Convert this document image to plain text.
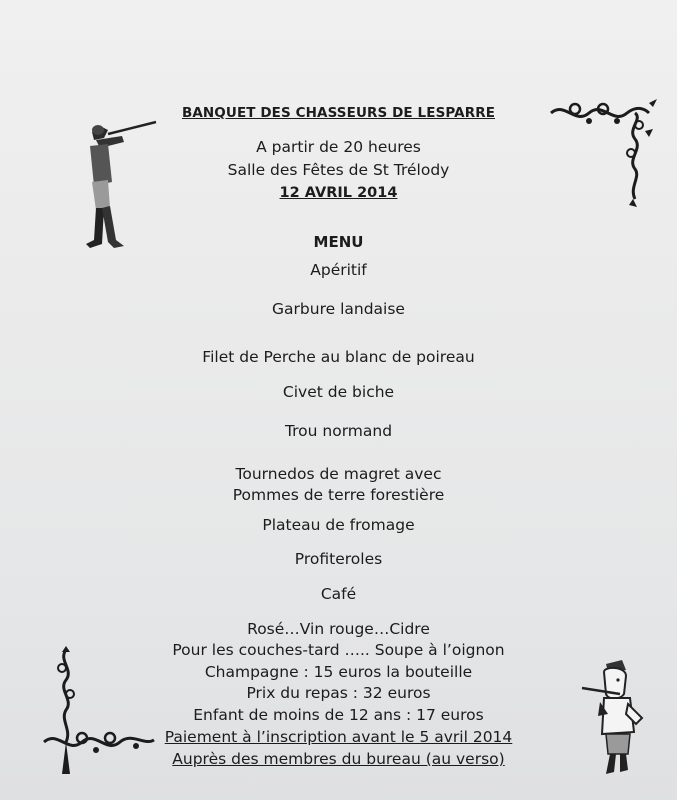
BANQUET DES CHASSEURS DE LESPARRE
A partir de 20 heures
Salle des Fêtes de St Trélody
12 AVRIL 2014
MENU
Apéritif
Garbure landaise
Filet de Perche au blanc de poireau
Civet de biche
Trou normand
Tournedos de magret avec
Pommes de terre forestière
Plateau de fromage
Profiteroles
Café
Rosé…Vin rouge…Cidre
Pour les couches-tard ….. Soupe à l’oignon
Champagne : 15 euros la bouteille
Prix du repas : 32 euros
Enfant de moins de 12 ans : 17 euros
Paiement à l’inscription avant le 5 avril 2014
Auprès des membres du bureau (au verso)
